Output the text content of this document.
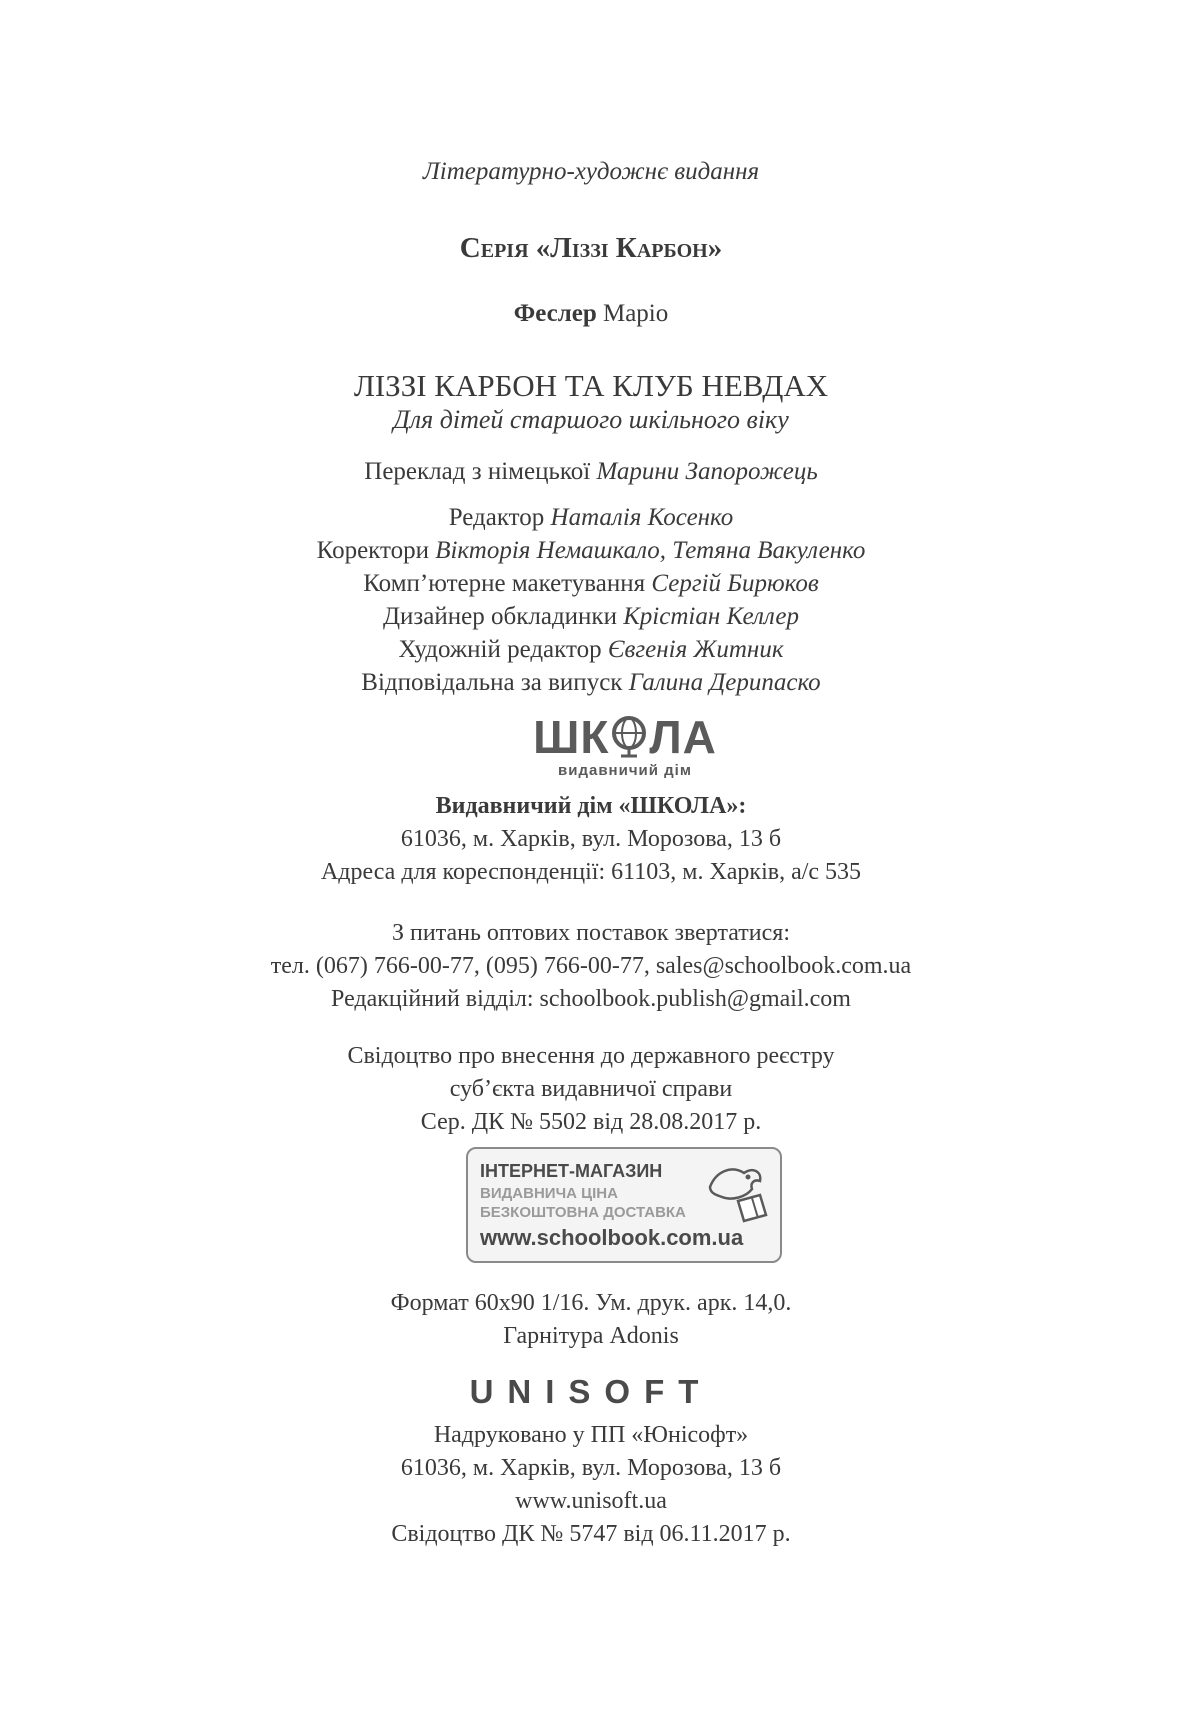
Літературно-художнє видання
Серія «Ліззі Карбон»
Феслер Маріо
ЛІЗЗІ КАРБОН ТА КЛУБ НЕВДАХ
Для дітей старшого шкільного віку
Переклад з німецької Марини Запорожець
Редактор Наталія Косенко
Коректори Вікторія Немашкало, Тетяна Вакуленко
Комп’ютерне макетування Сергій Бирюков
Дизайнер обкладинки Крістіан Келлер
Художній редактор Євгенія Житник
Відповідальна за випуск Галина Дерипаско
ШК ЛА
видавничий дім
Видавничий дім «ШКОЛА»:
61036, м. Харків, вул. Морозова, 13 б
Адреса для кореспонденції: 61103, м. Харків, а/с 535
З питань оптових поставок звертатися:
тел. (067) 766-00-77, (095) 766-00-77, sales@schoolbook.com.ua
Редакційний відділ: schoolbook.publish@gmail.com
Свідоцтво про внесення до державного реєстру
суб’єкта видавничої справи
Сер. ДК № 5502 від 28.08.2017 р.
ІНТЕРНЕТ-МАГАЗИН
ВИДАВНИЧА ЦІНА
БЕЗКОШТОВНА ДОСТАВКА
www.schoolbook.com.ua
Формат 60х90 1/16. Ум. друк. арк. 14,0.
Гарнітура Adonis
UNISOFT
Надруковано у ПП «Юнісофт»
61036, м. Харків, вул. Морозова, 13 б
www.unisoft.ua
Свідоцтво ДК № 5747 від 06.11.2017 р.
